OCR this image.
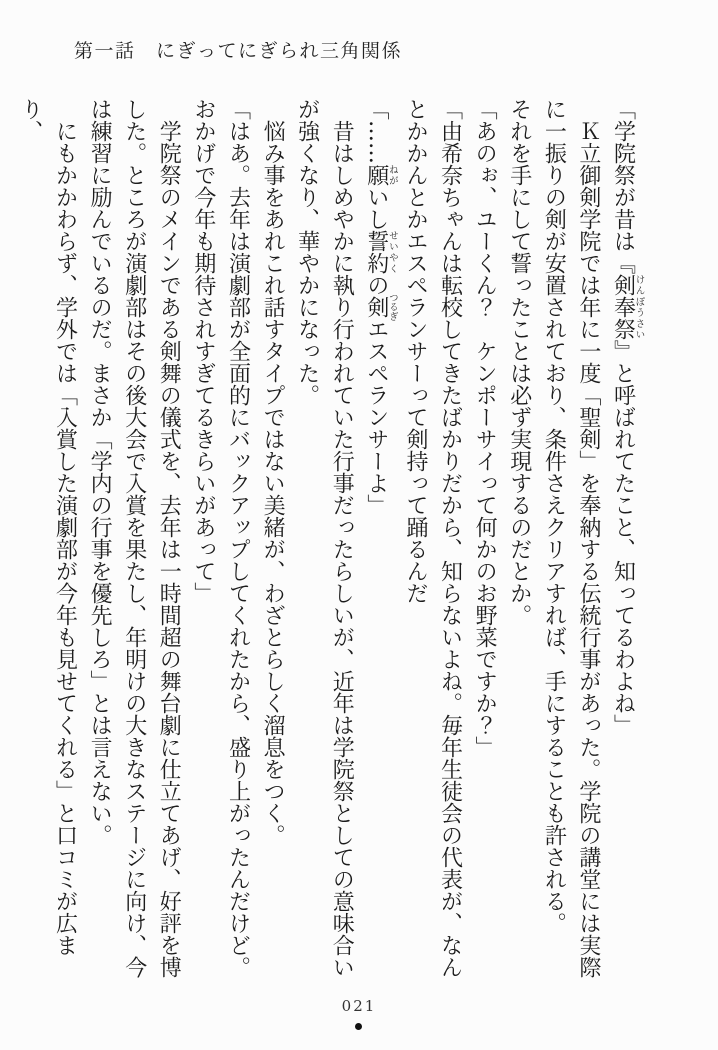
第一話　にぎってにぎられ三角関係

「学院祭が昔は『剣奉祭けんぽうさい』と呼ばれてたこと、知ってるわよね」

　Ｋ立御剣学院では年に一度「聖剣」を奉納する伝統行事があった。学院の講堂には実際に一振りの剣が安置されており、条件さえクリアすれば、手にすることも許される。

それを手にして誓ったことは必ず実現するのだとか。

「あのぉ、ユーくん？　ケンポーサイって何かのお野菜ですか？」

「由希奈ちゃんは転校してきたばかりだから、知らないよね。毎年生徒会の代表が、なんとかかんとかエスペランサーって剣持って踊るんだ

「……願ねがいし誓約せいやくの剣つるぎエスペランサーよ」

　昔はしめやかに執り行われていた行事だったらしいが、近年は学院祭としての意味合いが強くなり、華やかになった。

　悩み事をあれこれ話すタイプではない美緒が、わざとらしく溜息をつく。

「はあ。去年は演劇部が全面的にバックアップしてくれたから、盛り上がったんだけど。おかげで今年も期待されすぎてるきらいがあって」

　学院祭のメインである剣舞の儀式を、去年は一時間超の舞台劇に仕立てあげ、好評を博した。ところが演劇部はその後大会で入賞を果たし、年明けの大きなステージに向け、今は練習に励んでいるのだ。まさか「学内の行事を優先しろ」とは言えない。

　にもかかわらず、学外では「入賞した演劇部が今年も見せてくれる」と口コミが広まり、

021
